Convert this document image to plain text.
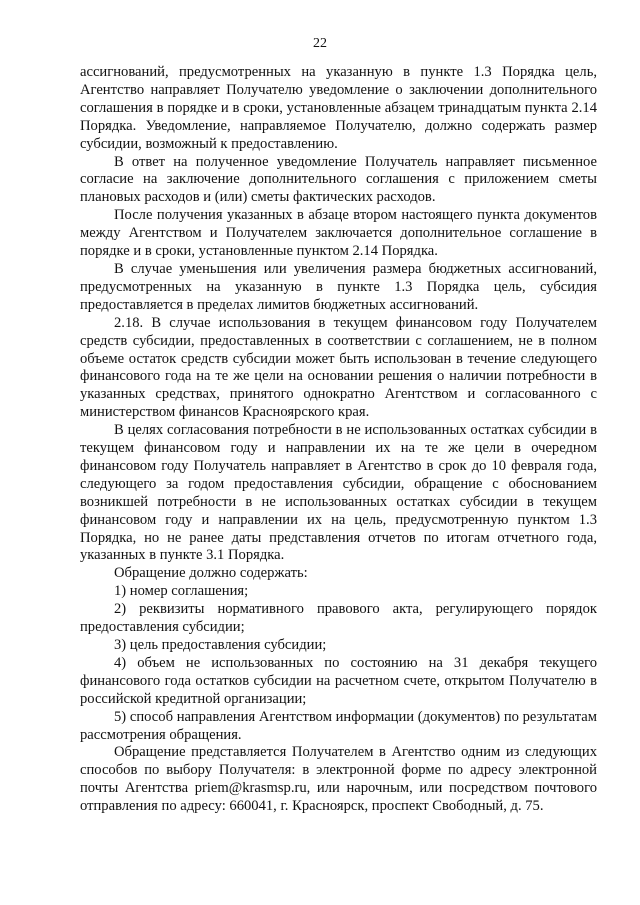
22

ассигнований, предусмотренных на указанную в пункте 1.3 Порядка цель, Агентство направляет Получателю уведомление о заключении дополнительного соглашения в порядке и в сроки, установленные абзацем тринадцатым пункта 2.14 Порядка. Уведомление, направляемое Получателю, должно содержать размер субсидии, возможный к предоставлению.

В ответ на полученное уведомление Получатель направляет письменное согласие на заключение дополнительного соглашения с приложением сметы плановых расходов и (или) сметы фактических расходов.

После получения указанных в абзаце втором настоящего пункта документов между Агентством и Получателем заключается дополнительное соглашение в порядке и в сроки, установленные пунктом 2.14 Порядка.

В случае уменьшения или увеличения размера бюджетных ассигнований, предусмотренных на указанную в пункте 1.3 Порядка цель, субсидия предоставляется в пределах лимитов бюджетных ассигнований.

2.18. В случае использования в текущем финансовом году Получателем средств субсидии, предоставленных в соответствии с соглашением, не в полном объеме остаток средств субсидии может быть использован в течение следующего финансового года на те же цели на основании решения о наличии потребности в указанных средствах, принятого однократно Агентством и согласованного с министерством финансов Красноярского края.

В целях согласования потребности в не использованных остатках субсидии в текущем финансовом году и направлении их на те же цели в очередном финансовом году Получатель направляет в Агентство в срок до 10 февраля года, следующего за годом предоставления субсидии, обращение с обоснованием возникшей потребности в не использованных остатках субсидии в текущем финансовом году и направлении их на цель, предусмотренную пунктом 1.3 Порядка, но не ранее даты представления отчетов по итогам отчетного года, указанных в пункте 3.1 Порядка.

Обращение должно содержать:

1) номер соглашения;

2) реквизиты нормативного правового акта, регулирующего порядок предоставления субсидии;

3) цель предоставления субсидии;

4) объем не использованных по состоянию на 31 декабря текущего финансового года остатков субсидии на расчетном счете, открытом Получателю в российской кредитной организации;

5) способ направления Агентством информации (документов) по результатам рассмотрения обращения.

Обращение представляется Получателем в Агентство одним из следующих способов по выбору Получателя: в электронной форме по адресу электронной почты Агентства priem@krasmsp.ru, или нарочным, или посредством почтового отправления по адресу: 660041, г. Красноярск, проспект Свободный, д. 75.
